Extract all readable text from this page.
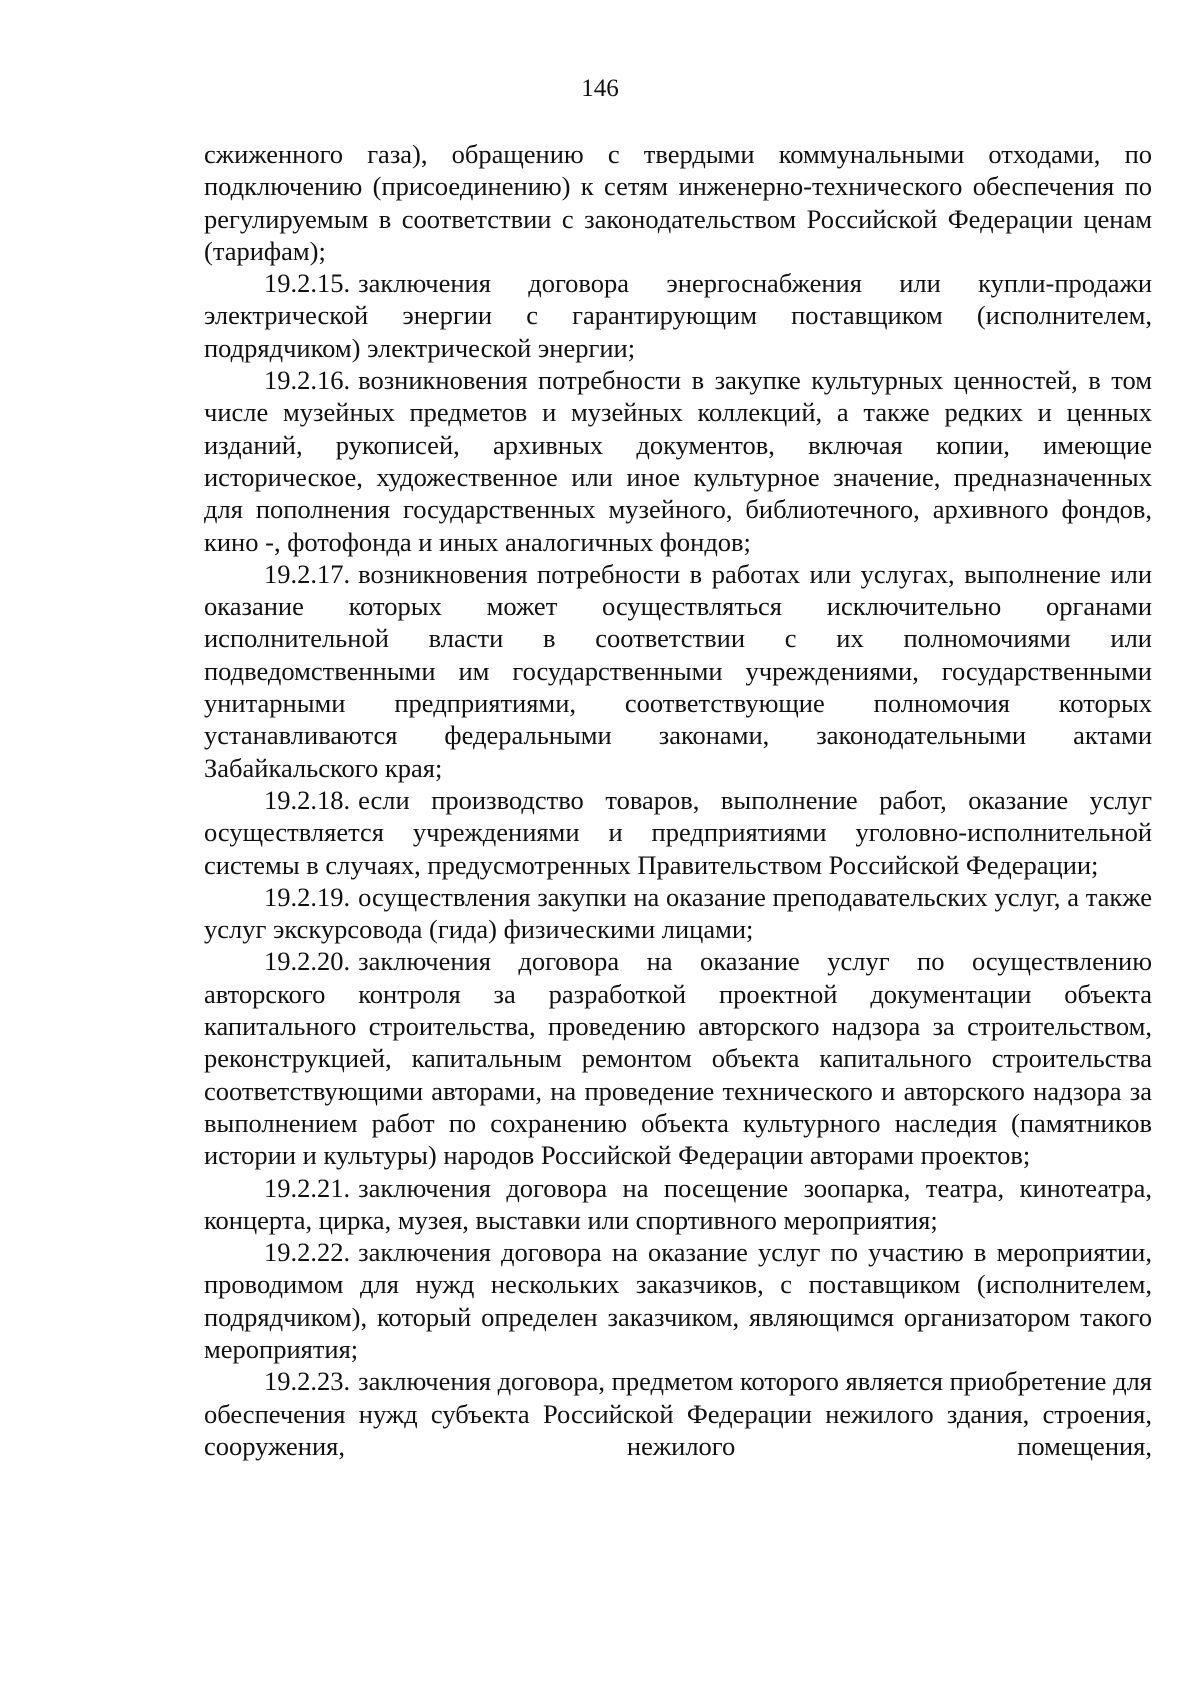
146

сжиженного газа), обращению с твердыми коммунальными отходами, по подключению (присоединению) к сетям инженерно-технического обеспечения по регулируемым в соответствии с законодательством Российской Федерации ценам (тарифам);

19.2.15. заключения договора энергоснабжения или купли-продажи электрической энергии с гарантирующим поставщиком (исполнителем, подрядчиком) электрической энергии;

19.2.16. возникновения потребности в закупке культурных ценностей, в том числе музейных предметов и музейных коллекций, а также редких и ценных изданий, рукописей, архивных документов, включая копии, имеющие историческое, художественное или иное культурное значение, предназначенных для пополнения государственных музейного, библиотечного, архивного фондов, кино -, фотофонда и иных аналогичных фондов;

19.2.17. возникновения потребности в работах или услугах, выполнение или оказание которых может осуществляться исключительно органами исполнительной власти в соответствии с их полномочиями или подведомственными им государственными учреждениями, государственными унитарными предприятиями, соответствующие полномочия которых устанавливаются федеральными законами, законодательными актами Забайкальского края;

19.2.18. если производство товаров, выполнение работ, оказание услуг осуществляется учреждениями и предприятиями уголовно-исполнительной системы в случаях, предусмотренных Правительством Российской Федерации;

19.2.19. осуществления закупки на оказание преподавательских услуг, а также услуг экскурсовода (гида) физическими лицами;

19.2.20. заключения договора на оказание услуг по осуществлению авторского контроля за разработкой проектной документации объекта капитального строительства, проведению авторского надзора за строительством, реконструкцией, капитальным ремонтом объекта капитального строительства соответствующими авторами, на проведение технического и авторского надзора за выполнением работ по сохранению объекта культурного наследия (памятников истории и культуры) народов Российской Федерации авторами проектов;

19.2.21. заключения договора на посещение зоопарка, театра, кинотеатра, концерта, цирка, музея, выставки или спортивного мероприятия;

19.2.22. заключения договора на оказание услуг по участию в мероприятии, проводимом для нужд нескольких заказчиков, с поставщиком (исполнителем, подрядчиком), который определен заказчиком, являющимся организатором такого мероприятия;

19.2.23. заключения договора, предметом которого является приобретение для обеспечения нужд субъекта Российской Федерации нежилого здания, строения, сооружения, нежилого помещения,
